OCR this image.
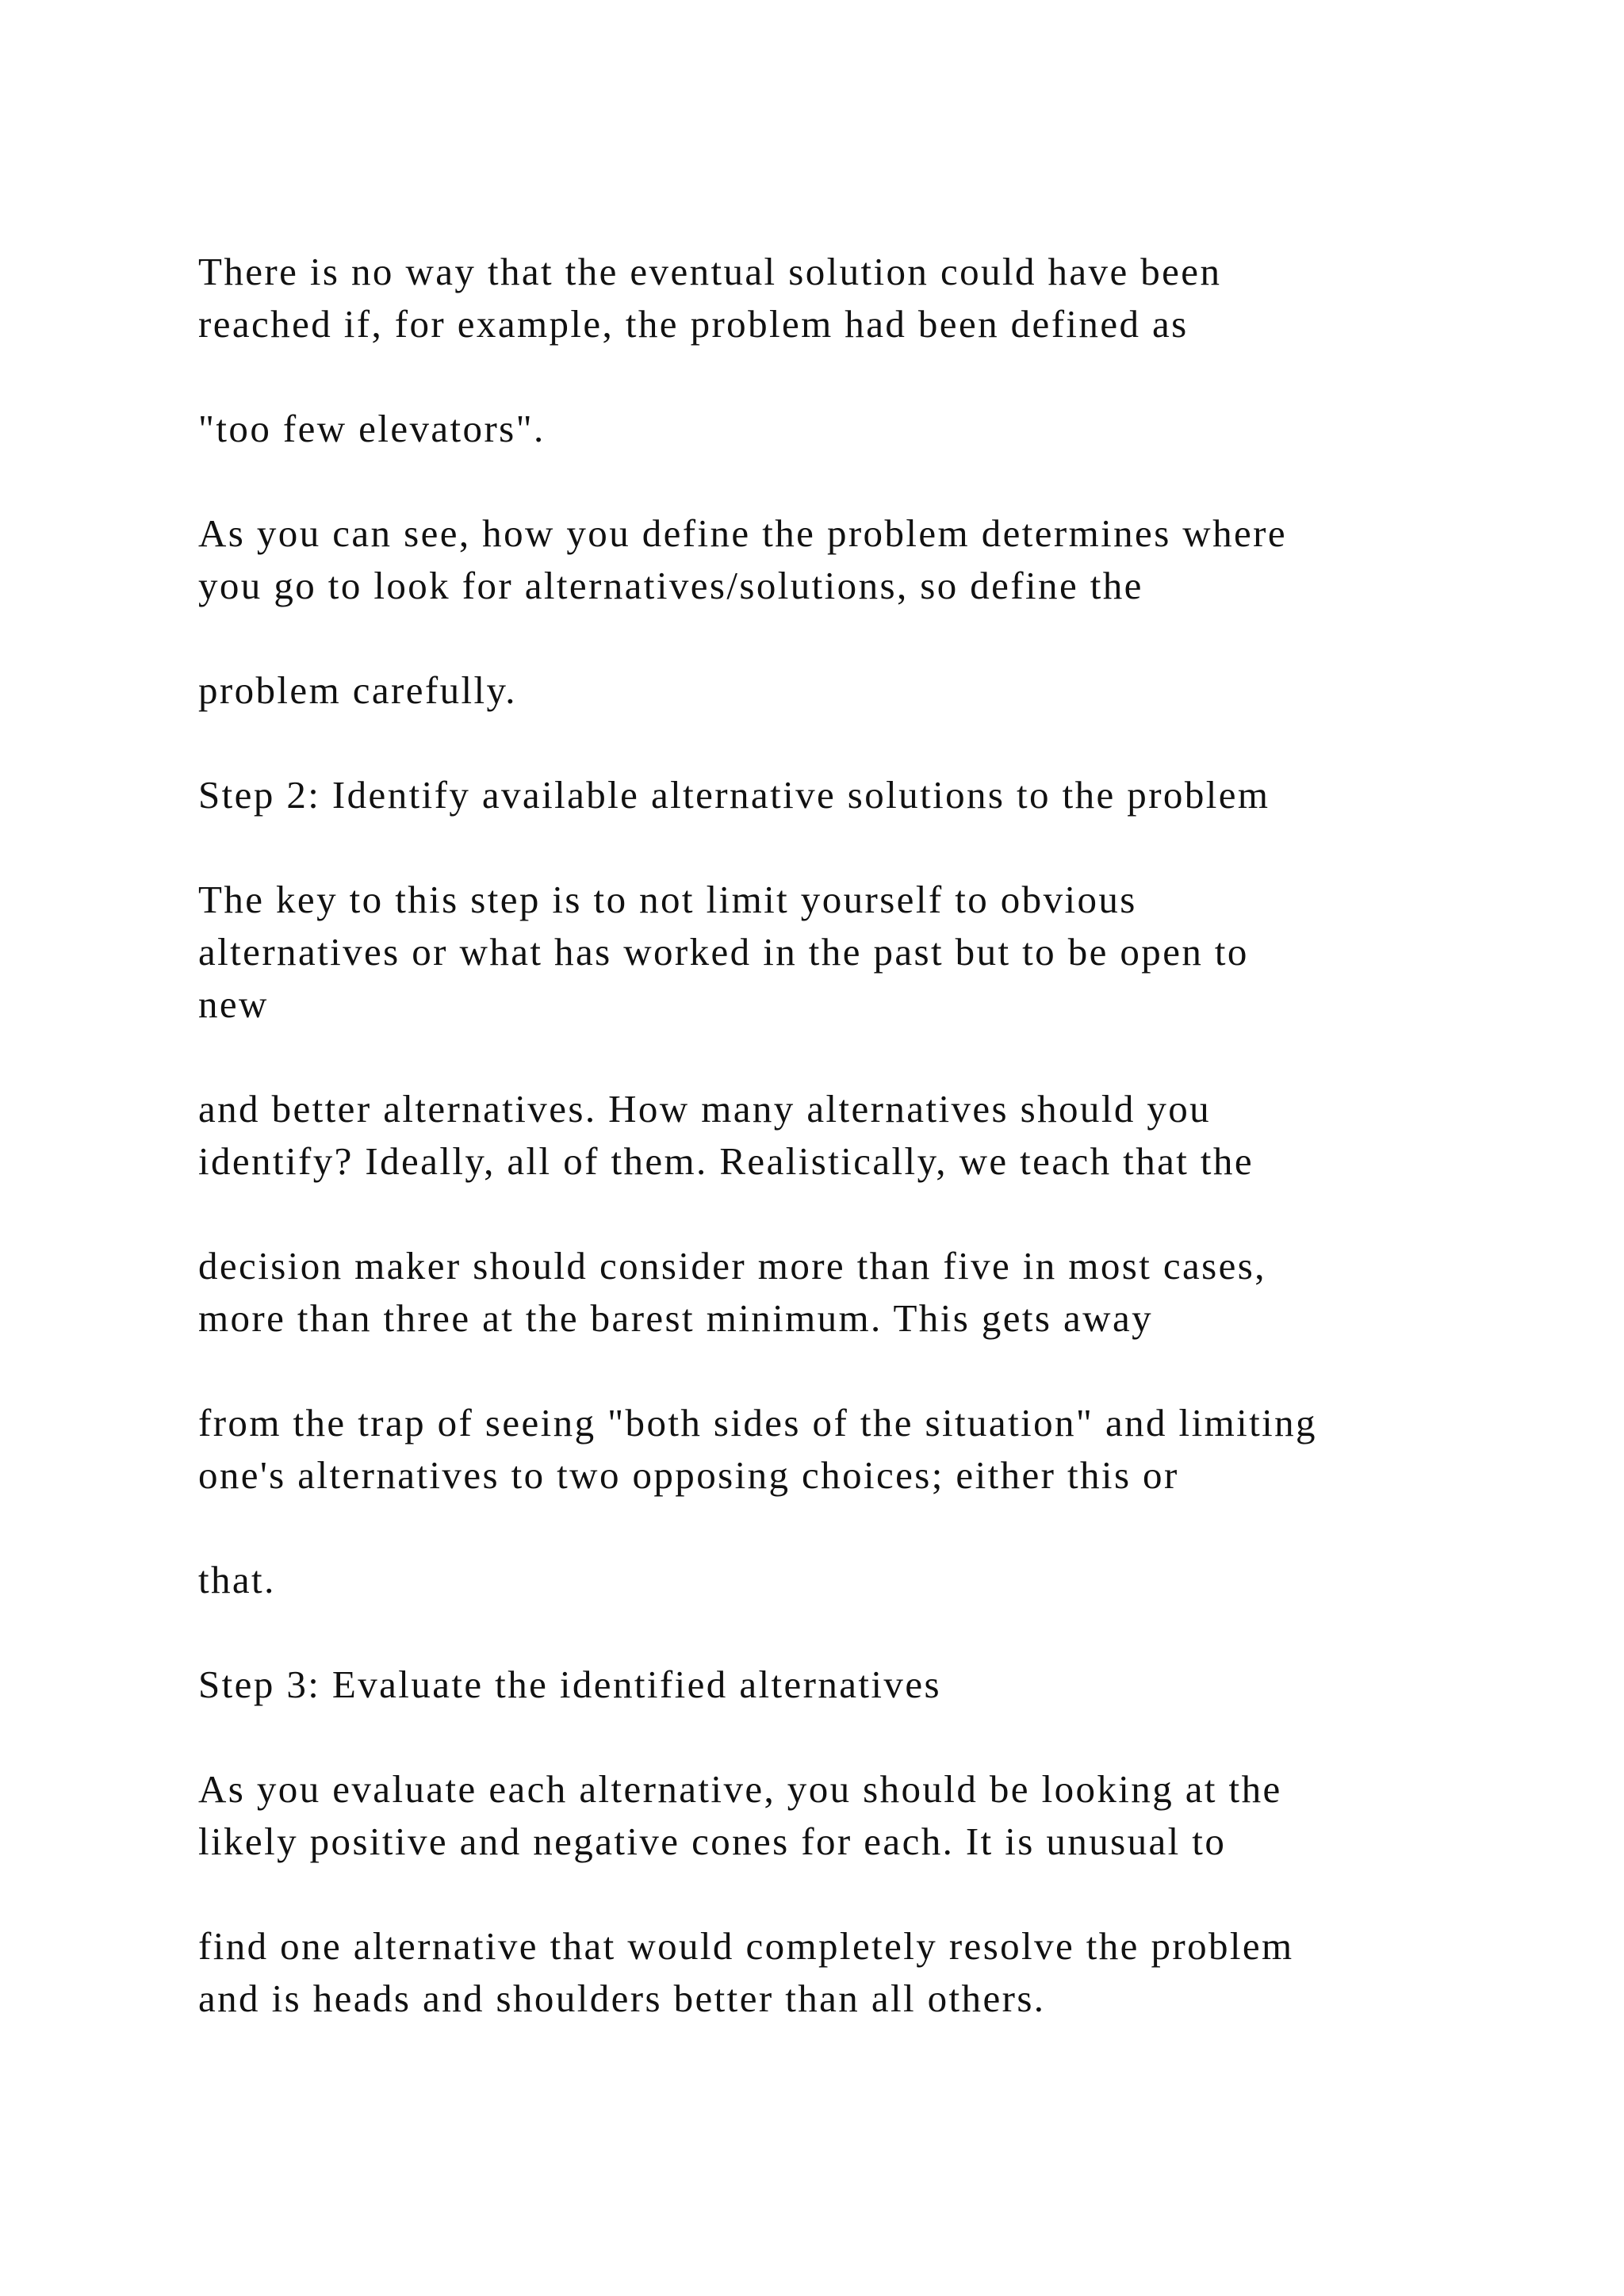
There is no way that the eventual solution could have been
reached if, for example, the problem had been defined as
"too few elevators".
As you can see, how you define the problem determines where
you go to look for alternatives/solutions, so define the
problem carefully.
Step 2: Identify available alternative solutions to the problem
The key to this step is to not limit yourself to obvious
alternatives or what has worked in the past but to be open to
new
and better alternatives. How many alternatives should you
identify? Ideally, all of them. Realistically, we teach that the
decision maker should consider more than five in most cases,
more than three at the barest minimum. This gets away
from the trap of seeing "both sides of the situation" and limiting
one's alternatives to two opposing choices; either this or
that.
Step 3: Evaluate the identified alternatives
As you evaluate each alternative, you should be looking at the
likely positive and negative cones for each. It is unusual to
find one alternative that would completely resolve the problem
and is heads and shoulders better than all others.
